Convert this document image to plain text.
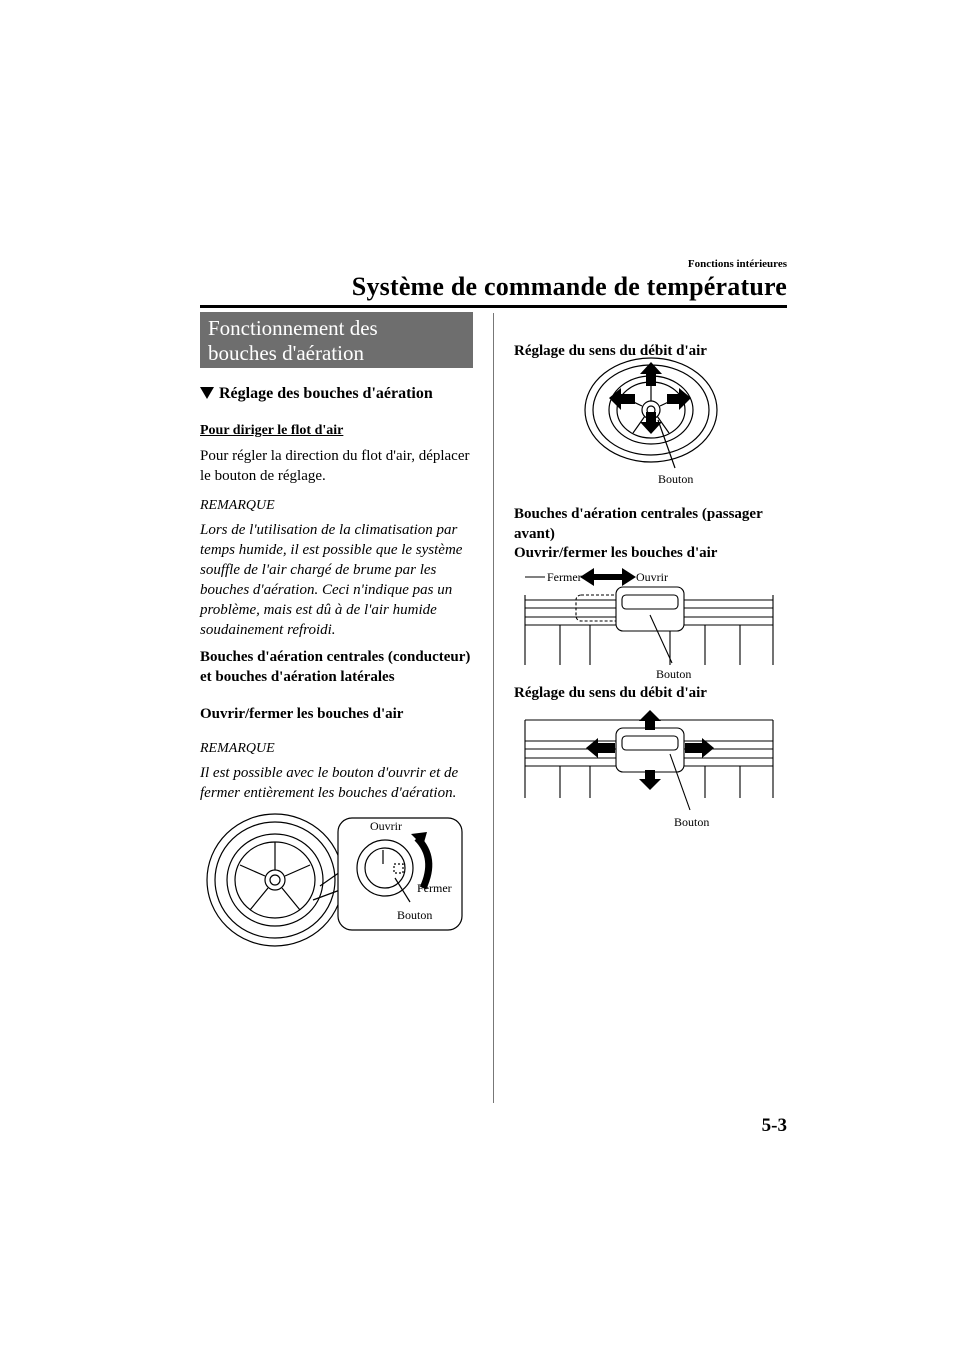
Fonctions intérieures
Système de commande de température
Fonctionnement des
bouches d'aération
Réglage des bouches d'aération
Pour diriger le flot d'air
Pour régler la direction du flot d'air, déplacer le bouton de réglage.
REMARQUE
Lors de l'utilisation de la climatisation par temps humide, il est possible que le système souffle de l'air chargé de brume par les bouches d'aération. Ceci n'indique pas un problème, mais est dû à de l'air humide soudainement refroidi.
Bouches d'aération centrales (conducteur) et bouches d'aération latérales
Ouvrir/fermer les bouches d'air
REMARQUE
Il est possible avec le bouton d'ouvrir et de fermer entièrement les bouches d'aération.
Ouvrir
Fermer
Bouton
Réglage du sens du débit d'air
Bouton
Bouches d'aération centrales (passager avant)
Ouvrir/fermer les bouches d'air
Fermer	Ouvrir
Bouton
Réglage du sens du débit d'air
Bouton
5-3
